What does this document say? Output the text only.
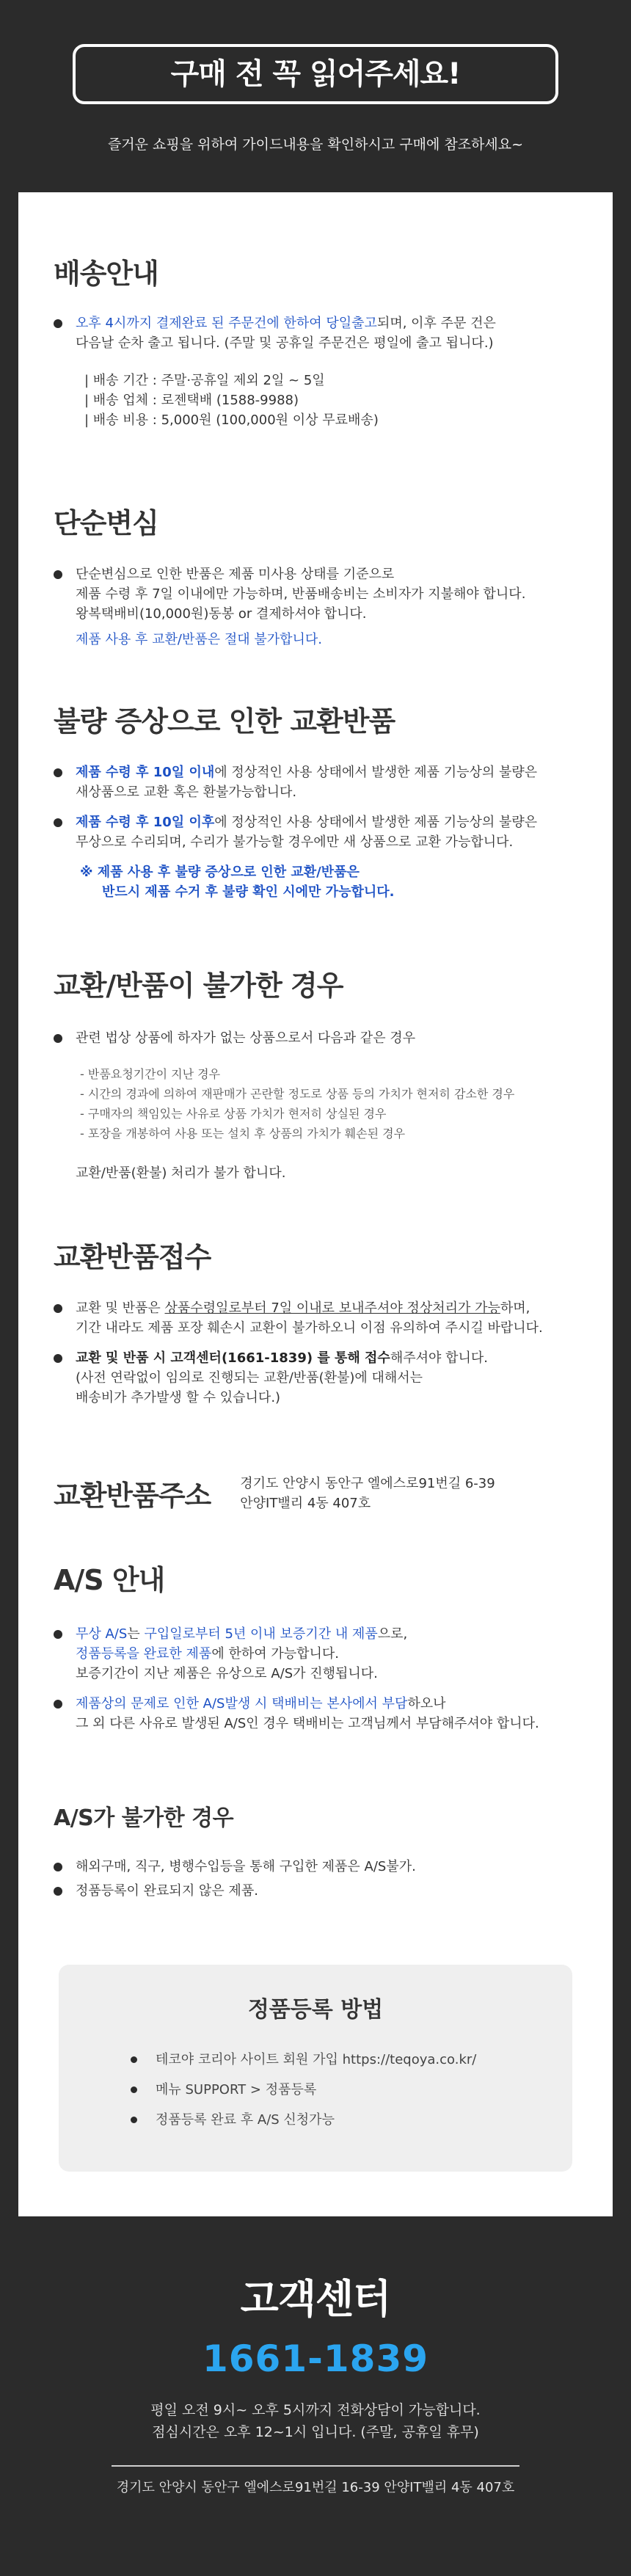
구매 전 꼭 읽어주세요!
즐거운 쇼핑을 위하여 가이드내용을 확인하시고 구매에 참조하세요~
배송안내
오후 4시까지 결제완료 된 주문건에 한하여 당일출고되며, 이후 주문 건은
다음날 순차 출고 됩니다. (주말 및 공휴일 주문건은 평일에 출고 됩니다.)
| 배송 기간 : 주말·공휴일 제외 2일 ~ 5일
| 배송 업체 : 로젠택배 (1588-9988)
| 배송 비용 : 5,000원 (100,000원 이상 무료배송)
단순변심
단순변심으로 인한 반품은 제품 미사용 상태를 기준으로
제품 수령 후 7일 이내에만 가능하며, 반품배송비는 소비자가 지불해야 합니다.
왕복택배비(10,000원)동봉 or 결제하셔야 합니다.
제품 사용 후 교환/반품은 절대 불가합니다.
불량 증상으로 인한 교환반품
제품 수령 후 10일 이내에 정상적인 사용 상태에서 발생한 제품 기능상의 불량은
새상품으로 교환 혹은 환불가능합니다.
제품 수령 후 10일 이후에 정상적인 사용 상태에서 발생한 제품 기능상의 불량은
무상으로 수리되며, 수리가 불가능할 경우에만 새 상품으로 교환 가능합니다.
※ 제품 사용 후 불량 증상으로 인한 교환/반품은
반드시 제품 수거 후 불량 확인 시에만 가능합니다.
교환/반품이 불가한 경우
관련 법상 상품에 하자가 없는 상품으로서 다음과 같은 경우
- 반품요청기간이 지난 경우
- 시간의 경과에 의하여 재판매가 곤란할 정도로 상품 등의 가치가 현저히 감소한 경우
- 구매자의 책임있는 사유로 상품 가치가 현저히 상실된 경우
- 포장을 개봉하여 사용 또는 설치 후 상품의 가치가 훼손된 경우
교환/반품(환불) 처리가 불가 합니다.
교환반품접수
교환 및 반품은 상품수령일로부터 7일 이내로 보내주셔야 정상처리가 가능하며,
기간 내라도 제품 포장 훼손시 교환이 불가하오니 이점 유의하여 주시길 바랍니다.
교환 및 반품 시 고객센터(1661-1839) 를 통해 접수해주셔야 합니다.
(사전 연락없이 임의로 진행되는 교환/반품(환불)에 대해서는
배송비가 추가발생 할 수 있습니다.)
교환반품주소 경기도 안양시 동안구 엘에스로91번길 6-39
안양IT밸리 4동 407호
A/S 안내
무상 A/S는 구입일로부터 5년 이내 보증기간 내 제품으로,
정품등록을 완료한 제품에 한하여 가능합니다.
보증기간이 지난 제품은 유상으로 A/S가 진행됩니다.
제품상의 문제로 인한 A/S발생 시 택배비는 본사에서 부담하오나
그 외 다른 사유로 발생된 A/S인 경우 택배비는 고객님께서 부담해주셔야 합니다.
A/S가 불가한 경우
해외구매, 직구, 병행수입등을 통해 구입한 제품은 A/S불가.
정품등록이 완료되지 않은 제품.
정품등록 방법
테코야 코리아 사이트 회원 가입 https://teqoya.co.kr/
메뉴 SUPPORT > 정품등록
정품등록 완료 후 A/S 신청가능
고객센터
1661-1839
평일 오전 9시~ 오후 5시까지 전화상담이 가능합니다.
점심시간은 오후 12~1시 입니다. (주말, 공휴일 휴무)
경기도 안양시 동안구 엘에스로91번길 16-39 안양IT밸리 4동 407호
